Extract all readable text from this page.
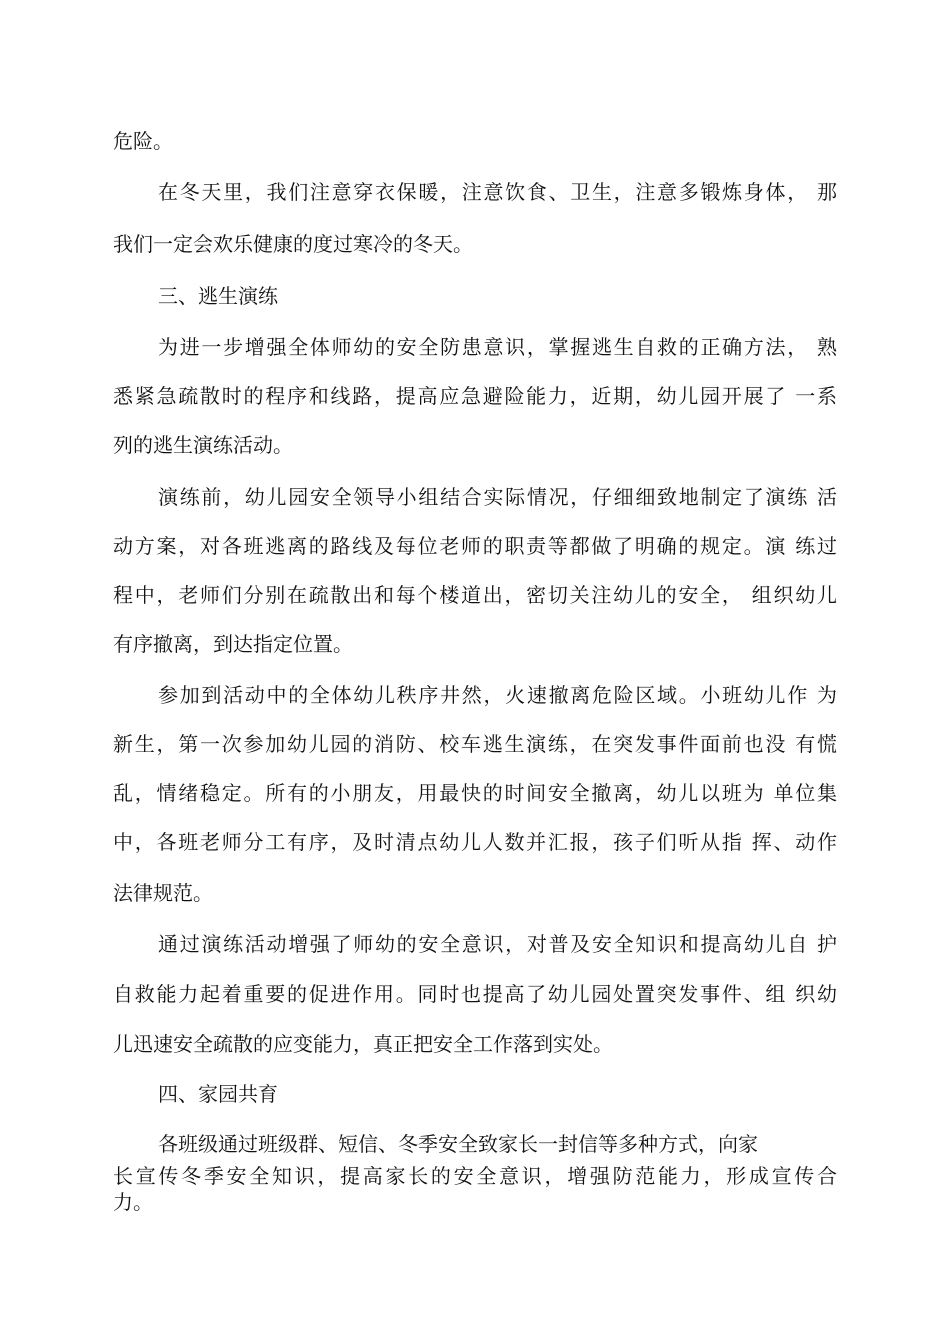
危险。
在冬天里，我们注意穿衣保暖，注意饮食、卫生，注意多锻炼身体， 那
我们一定会欢乐健康的度过寒冷的冬天。
三、逃生演练
为进一步增强全体师幼的安全防患意识，掌握逃生自救的正确方法， 熟
悉紧急疏散时的程序和线路，提高应急避险能力，近期，幼儿园开展了 一系
列的逃生演练活动。
演练前，幼儿园安全领导小组结合实际情况，仔细细致地制定了演练 活
动方案，对各班逃离的路线及每位老师的职责等都做了明确的规定。演 练过
程中，老师们分别在疏散出和每个楼道出，密切关注幼儿的安全， 组织幼儿
有序撤离，到达指定位置。
参加到活动中的全体幼儿秩序井然，火速撤离危险区域。小班幼儿作 为
新生，第一次参加幼儿园的消防、校车逃生演练，在突发事件面前也没 有慌
乱，情绪稳定。所有的小朋友，用最快的时间安全撤离，幼儿以班为 单位集
中，各班老师分工有序，及时清点幼儿人数并汇报，孩子们听从指 挥、动作
法律规范。
通过演练活动增强了师幼的安全意识，对普及安全知识和提高幼儿自 护
自救能力起着重要的促进作用。同时也提高了幼儿园处置突发事件、组 织幼
儿迅速安全疏散的应变能力，真正把安全工作落到实处。
四、家园共育
各班级通过班级群、短信、冬季安全致家长一封信等多种方式，向家
长宣传冬季安全知识，提高家长的安全意识，增强防范能力，形成宣传合
力。
